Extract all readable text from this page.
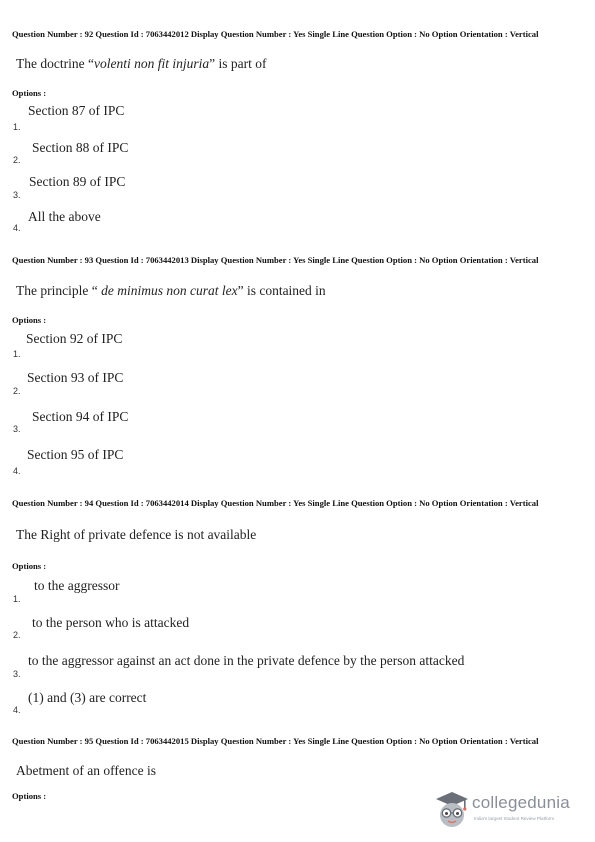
Question Number : 92 Question Id : 7063442012 Display Question Number : Yes Single Line Question Option : No Option Orientation : Vertical
The doctrine “volenti non fit injuria” is part of
Options :
Section 87 of IPC
1.
Section 88 of IPC
2.
Section 89 of IPC
3.
All the above
4.
Question Number : 93 Question Id : 7063442013 Display Question Number : Yes Single Line Question Option : No Option Orientation : Vertical
The principle “ de minimus non curat lex” is contained in
Options :
Section 92 of IPC
1.
Section 93 of IPC
2.
Section 94 of IPC
3.
Section 95 of IPC
4.
Question Number : 94 Question Id : 7063442014 Display Question Number : Yes Single Line Question Option : No Option Orientation : Vertical
The Right of private defence is not available
Options :
to the aggressor
1.
to the person who is attacked
2.
to the aggressor against an act done in the private defence by the person attacked
3.
(1) and (3) are correct
4.
Question Number : 95 Question Id : 7063442015 Display Question Number : Yes Single Line Question Option : No Option Orientation : Vertical
Abetment of an offence is
Options :	collegedunia
India's largest Student Review Platform
